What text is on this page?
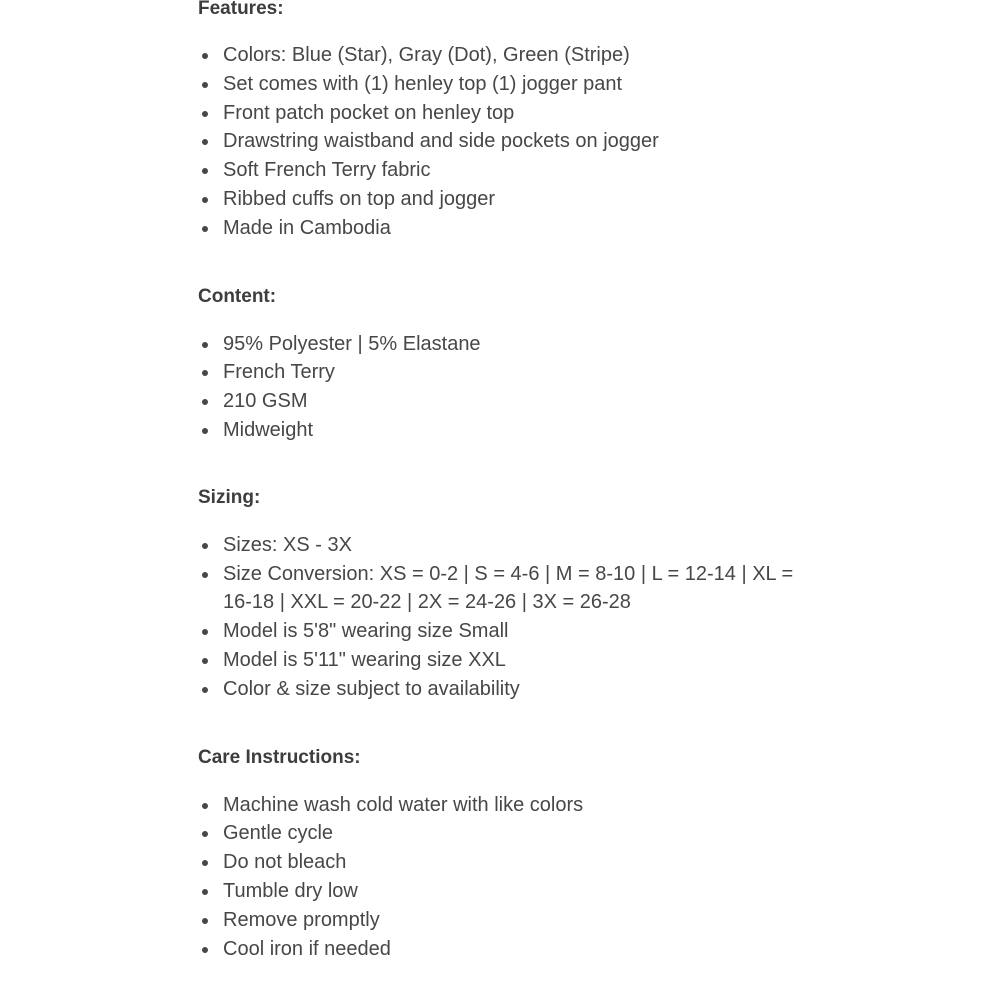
Features:
Colors: Blue (Star), Gray (Dot), Green (Stripe)
Set comes with (1) henley top (1) jogger pant
Front patch pocket on henley top
Drawstring waistband and side pockets on jogger
Soft French Terry fabric
Ribbed cuffs on top and jogger
Made in Cambodia
Content:
95% Polyester | 5% Elastane
French Terry
210 GSM
Midweight
Sizing:
Sizes: XS - 3X
Size Conversion: XS = 0-2 | S = 4-6 | M = 8-10 | L = 12-14 | XL = 16-18 | XXL = 20-22 | 2X = 24-26 | 3X = 26-28
Model is 5'8" wearing size Small
Model is 5'11" wearing size XXL
Color & size subject to availability
Care Instructions:
Machine wash cold water with like colors
Gentle cycle
Do not bleach
Tumble dry low
Remove promptly
Cool iron if needed
